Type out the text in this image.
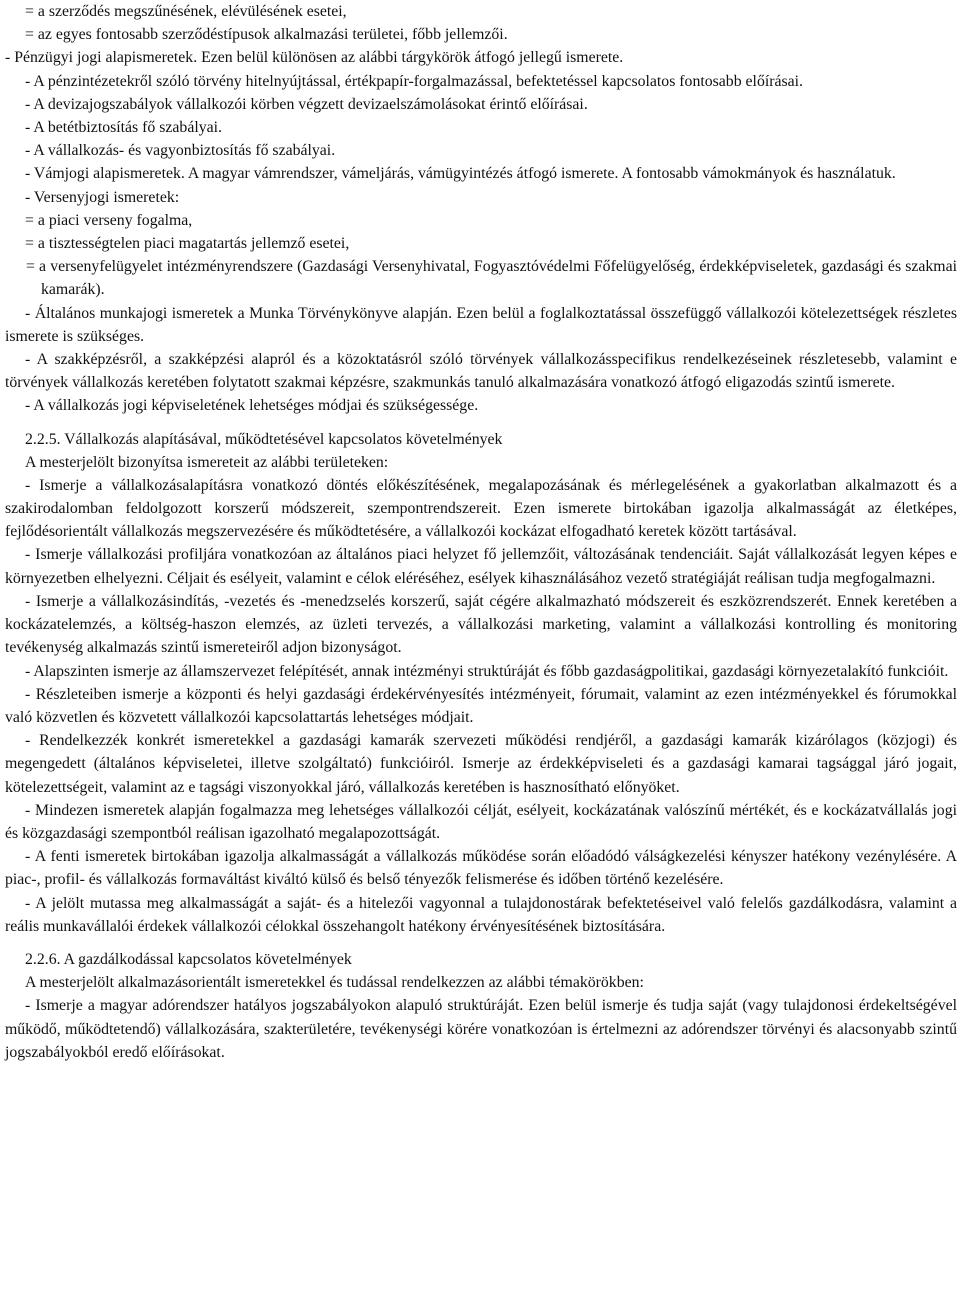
= a szerződés megszűnésének, elévülésének esetei,
= az egyes fontosabb szerződéstípusok alkalmazási területei, főbb jellemzői.
- Pénzügyi jogi alapismeretek. Ezen belül különösen az alábbi tárgykörök átfogó jellegű ismerete.
- A pénzintézetekről szóló törvény hitelnyújtással, értékpapír-forgalmazással, befektetéssel kapcsolatos fontosabb előírásai.
- A devizajogszabályok vállalkozói körben végzett devizaelszámolásokat érintő előírásai.
- A betétbiztosítás fő szabályai.
- A vállalkozás- és vagyonbiztosítás fő szabályai.
- Vámjogi alapismeretek. A magyar vámrendszer, vámeljárás, vámügyintézés átfogó ismerete. A fontosabb vámokmányok és használatuk.
- Versenyjogi ismeretek:
= a piaci verseny fogalma,
= a tisztességtelen piaci magatartás jellemző esetei,
= a versenyfelügyelet intézményrendszere (Gazdasági Versenyhivatal, Fogyasztóvédelmi Főfelügyelőség, érdekképviseletek, gazdasági és szakmai kamarák).
- Általános munkajogi ismeretek a Munka Törvénykönyve alapján. Ezen belül a foglalkoztatással összefüggő vállalkozói kötelezettségek részletes ismerete is szükséges.
- A szakképzésről, a szakképzési alapról és a közoktatásról szóló törvények vállalkozásspecifikus rendelkezéseinek részletesebb, valamint e törvények vállalkozás keretében folytatott szakmai képzésre, szakmunkás tanuló alkalmazására vonatkozó átfogó eligazodás szintű ismerete.
- A vállalkozás jogi képviseletének lehetséges módjai és szükségessége.
2.2.5. Vállalkozás alapításával, működtetésével kapcsolatos követelmények
A mesterjelölt bizonyítsa ismereteit az alábbi területeken:
- Ismerje a vállalkozásalapításra vonatkozó döntés előkészítésének, megalapozásának és mérlegelésének a gyakorlatban alkalmazott és a szakirodalomban feldolgozott korszerű módszereit, szempontrendszereit. Ezen ismerete birtokában igazolja alkalmasságát az életképes, fejlődésorientált vállalkozás megszervezésére és működtetésére, a vállalkozói kockázat elfogadható keretek között tartásával.
- Ismerje vállalkozási profiljára vonatkozóan az általános piaci helyzet fő jellemzőit, változásának tendenciáit. Saját vállalkozását legyen képes e környezetben elhelyezni. Céljait és esélyeit, valamint e célok eléréséhez, esélyek kihasználásához vezető stratégiáját reálisan tudja megfogalmazni.
- Ismerje a vállalkozásindítás, -vezetés és -menedzselés korszerű, saját cégére alkalmazható módszereit és eszközrendszerét. Ennek keretében a kockázatelemzés, a költség-haszon elemzés, az üzleti tervezés, a vállalkozási marketing, valamint a vállalkozási kontrolling és monitoring tevékenység alkalmazás szintű ismereteiről adjon bizonyságot.
- Alapszinten ismerje az államszervezet felépítését, annak intézményi struktúráját és főbb gazdaságpolitikai, gazdasági környezetalakító funkcióit.
- Részleteiben ismerje a központi és helyi gazdasági érdekérvényesítés intézményeit, fórumait, valamint az ezen intézményekkel és fórumokkal való közvetlen és közvetett vállalkozói kapcsolattartás lehetséges módjait.
- Rendelkezzék konkrét ismeretekkel a gazdasági kamarák szervezeti működési rendjéről, a gazdasági kamarák kizárólagos (közjogi) és megengedett (általános képviseletei, illetve szolgáltató) funkcióiról. Ismerje az érdekképviseleti és a gazdasági kamarai tagsággal járó jogait, kötelezettségeit, valamint az e tagsági viszonyokkal járó, vállalkozás keretében is hasznosítható előnyöket.
- Mindezen ismeretek alapján fogalmazza meg lehetséges vállalkozói célját, esélyeit, kockázatának valószínű mértékét, és e kockázatvállalás jogi és közgazdasági szempontból reálisan igazolható megalapozottságát.
- A fenti ismeretek birtokában igazolja alkalmasságát a vállalkozás működése során előadódó válságkezelési kényszer hatékony vezénylésére. A piac-, profil- és vállalkozás formaváltást kiváltó külső és belső tényezők felismerése és időben történő kezelésére.
- A jelölt mutassa meg alkalmasságát a saját- és a hitelezői vagyonnal a tulajdonostárak befektetéseivel való felelős gazdálkodásra, valamint a reális munkavállalói érdekek vállalkozói célokkal összehangolt hatékony érvényesítésének biztosítására.
2.2.6. A gazdálkodással kapcsolatos követelmények
A mesterjelölt alkalmazásorientált ismeretekkel és tudással rendelkezzen az alábbi témakörökben:
- Ismerje a magyar adórendszer hatályos jogszabályokon alapuló struktúráját. Ezen belül ismerje és tudja saját (vagy tulajdonosi érdekeltségével működő, működtetendő) vállalkozására, szakterületére, tevékenységi körére vonatkozóan is értelmezni az adórendszer törvényi és alacsonyabb szintű jogszabályokból eredő előírásokat.
